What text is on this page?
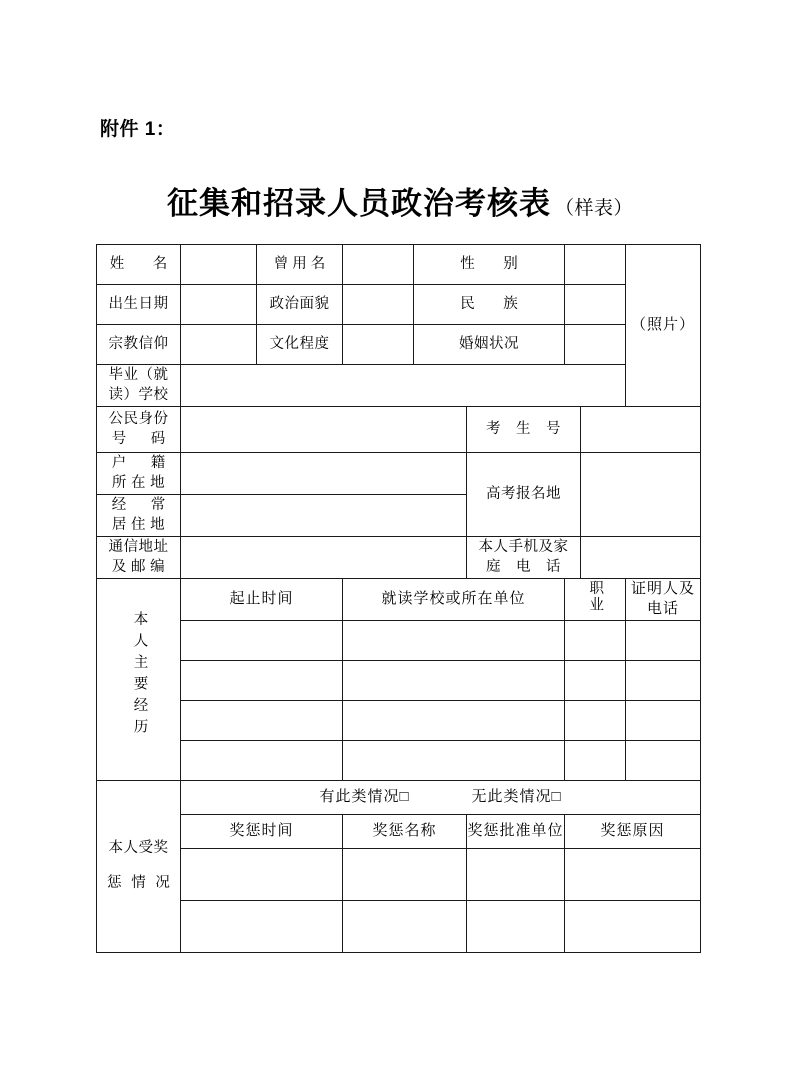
附件 1：
征集和招录人员政治考核表 （样表）
姓　名		曾用名		性　别				（照片）
出生日期		政治面貌		民　族				
宗教信仰		文化程度		婚姻状况				

毕业（就
读）学校								

公民身份
号　码					考　生　号			

户　籍
所 在 地					高考报名地			

经　常
居 住 地								

通信地址
及 邮 编					本人手机及家
庭　电　话			

本人主要经历	起止时间		就读学校或所在单位			职业		证明人及电话

本人受奖
惩 情 况	有此类情况□ 无此类情况□							
	奖惩时间		奖惩名称		奖惩批准单位	奖惩原因		
